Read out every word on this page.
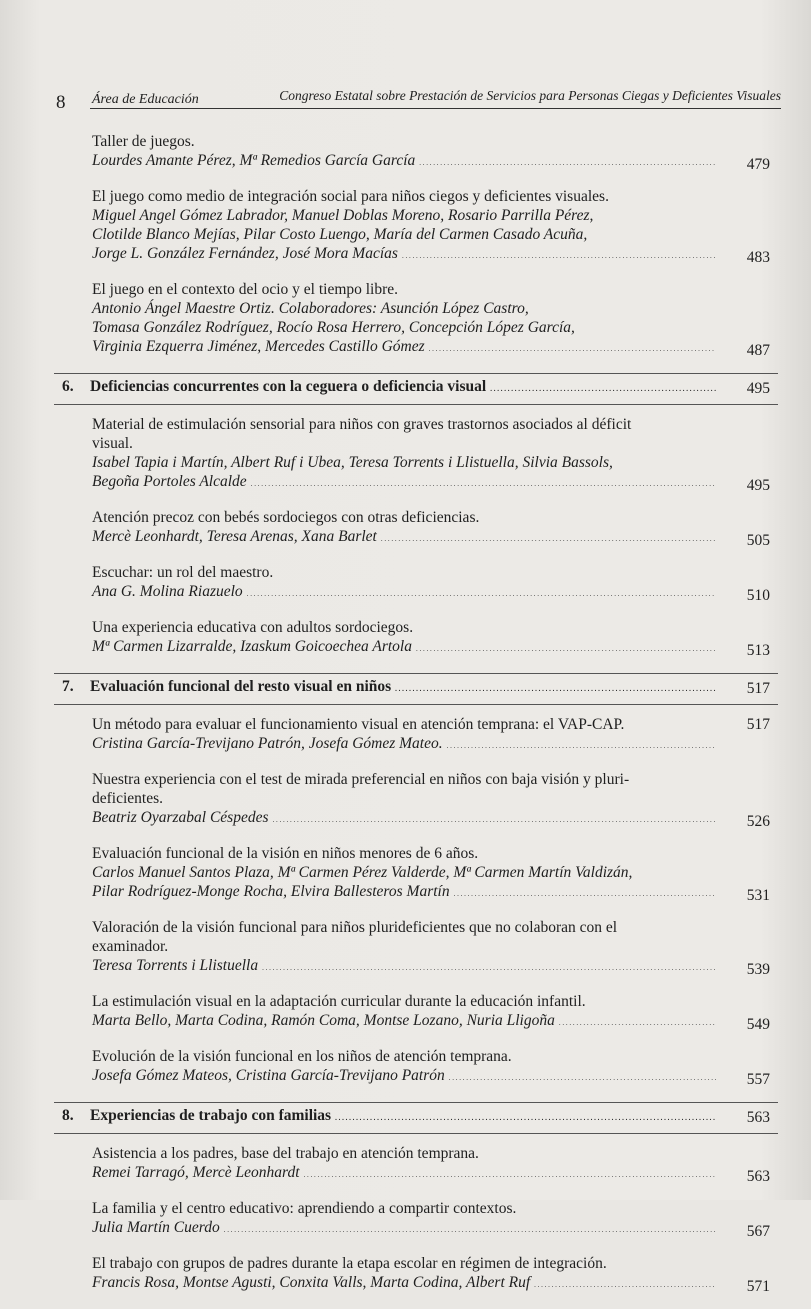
8 Área de Educación	Congreso Estatal sobre Prestación de Servicios para Personas Ciegas y Deficientes Visuales
Taller de juegos.
Lourdes Amante Pérez, Mª Remedios García García . . .	479
El juego como medio de integración social para niños ciegos y deficientes visuales.
Miguel Angel Gómez Labrador, Manuel Doblas Moreno, Rosario Parrilla Pérez,
Clotilde Blanco Mejías, Pilar Costo Luengo, María del Carmen Casado Acuña,
Jorge L. González Fernández, José Mora Macías . . .	483
El juego en el contexto del ocio y el tiempo libre.
Antonio Ángel Maestre Ortiz. Colaboradores: Asunción López Castro,
Tomasa González Rodríguez, Rocío Rosa Herrero, Concepción López García,
Virginia Ezquerra Jiménez, Mercedes Castillo Gómez . . .	487
6.	Deficiencias concurrentes con la ceguera o deficiencia visual . . .	495
Material de estimulación sensorial para niños con graves trastornos asociados al déficit
visual.
Isabel Tapia i Martín, Albert Ruf i Ubea, Teresa Torrents i Llistuella, Silvia Bassols,
Begoña Portoles Alcalde . . .	495
Atención precoz con bebés sordociegos con otras deficiencias.
Mercè Leonhardt, Teresa Arenas, Xana Barlet . . .	505
Escuchar: un rol del maestro.
Ana G. Molina Riazuelo . . .	510
Una experiencia educativa con adultos sordociegos.
Mª Carmen Lizarralde, Izaskum Goicoechea Artola . . .	513
7.	Evaluación funcional del resto visual en niños . . .	517
Un método para evaluar el funcionamiento visual en atención temprana: el VAP-CAP.	517
Cristina García-Trevijano Patrón, Josefa Gómez Mateo.
. . .
Nuestra experiencia con el test de mirada preferencial en niños con baja visión y pluri-
deficientes.
Beatriz Oyarzabal Céspedes . . .	526
Evaluación funcional de la visión en niños menores de 6 años.
Carlos Manuel Santos Plaza, Mª Carmen Pérez Valderde, Mª Carmen Martín Valdizán,
Pilar Rodríguez-Monge Rocha, Elvira Ballesteros Martín . . .	531
Valoración de la visión funcional para niños plurideficientes que no colaboran con el
examinador.
Teresa Torrents i Llistuella . . .	539
La estimulación visual en la adaptación curricular durante la educación infantil.
Marta Bello, Marta Codina, Ramón Coma, Montse Lozano, Nuria Lligoña . . .	549
Evolución de la visión funcional en los niños de atención temprana.
Josefa Gómez Mateos, Cristina García-Trevijano Patrón . . .	557
8.	Experiencias de trabajo con familias . . .	563
Asistencia a los padres, base del trabajo en atención temprana.
Remei Tarragó, Mercè Leonhardt . . .	563
La familia y el centro educativo: aprendiendo a compartir contextos.
Julia Martín Cuerdo . . .	567
El trabajo con grupos de padres durante la etapa escolar en régimen de integración.
Francis Rosa, Montse Agusti, Conxita Valls, Marta Codina, Albert Ruf . . .	571
